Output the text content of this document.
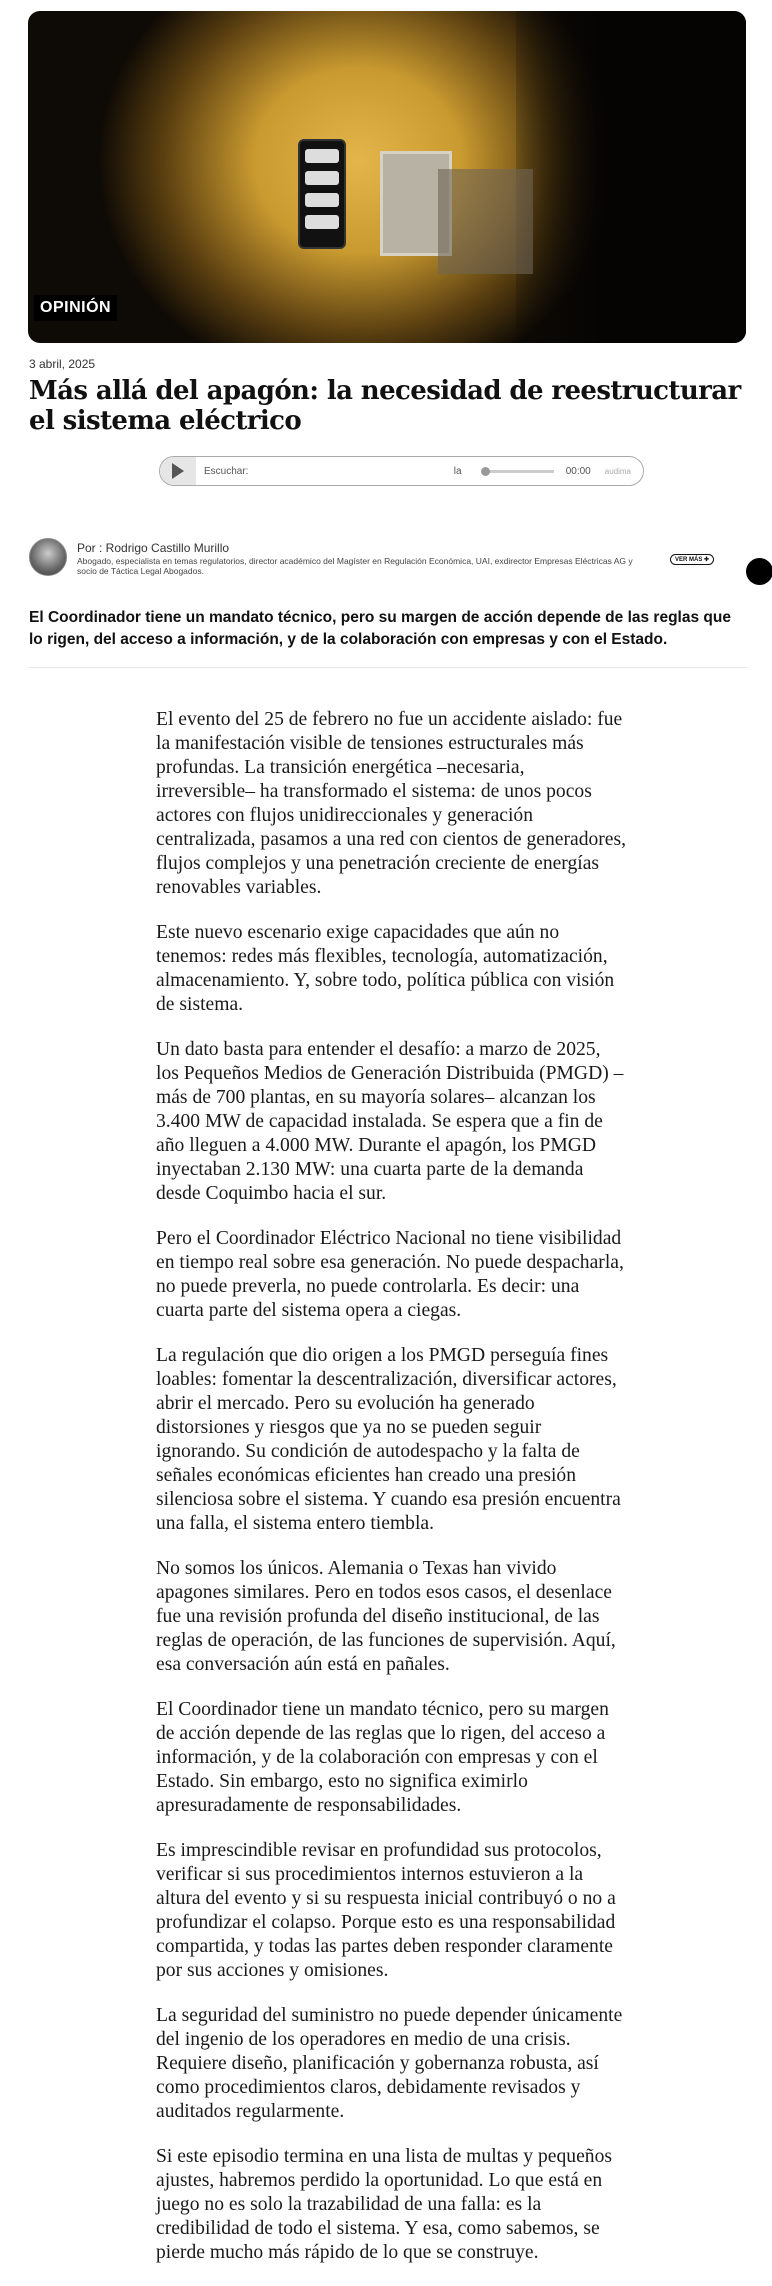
OPINIÓN
3 abril, 2025
Más allá del apagón: la necesidad de reestructurar el sistema eléctrico
Escuchar:	la	00:00 audima
Por : Rodrigo Castillo Murillo
Abogado, especialista en temas regulatorios, director académico del Magíster en Regulación Económica, UAI, exdirector Empresas Eléctricas AG y socio de Táctica Legal Abogados.
VER MÁS ✚
El Coordinador tiene un mandato técnico, pero su margen de acción depende de las reglas que lo rigen, del acceso a información, y de la colaboración con empresas y con el Estado.

El evento del 25 de febrero no fue un accidente aislado: fue la manifestación visible de tensiones estructurales más profundas. La transición energética –necesaria, irreversible– ha transformado el sistema: de unos pocos actores con flujos unidireccionales y generación centralizada, pasamos a una red con cientos de generadores, flujos complejos y una penetración creciente de energías renovables variables.

Este nuevo escenario exige capacidades que aún no tenemos: redes más flexibles, tecnología, automatización, almacenamiento. Y, sobre todo, política pública con visión de sistema.

Un dato basta para entender el desafío: a marzo de 2025, los Pequeños Medios de Generación Distribuida (PMGD) –más de 700 plantas, en su mayoría solares– alcanzan los 3.400 MW de capacidad instalada. Se espera que a fin de año lleguen a 4.000 MW. Durante el apagón, los PMGD inyectaban 2.130 MW: una cuarta parte de la demanda desde Coquimbo hacia el sur.

Pero el Coordinador Eléctrico Nacional no tiene visibilidad en tiempo real sobre esa generación. No puede despacharla, no puede preverla, no puede controlarla. Es decir: una cuarta parte del sistema opera a ciegas.

La regulación que dio origen a los PMGD perseguía fines loables: fomentar la descentralización, diversificar actores, abrir el mercado. Pero su evolución ha generado distorsiones y riesgos que ya no se pueden seguir ignorando. Su condición de autodespacho y la falta de señales económicas eficientes han creado una presión silenciosa sobre el sistema. Y cuando esa presión encuentra una falla, el sistema entero tiembla.

No somos los únicos. Alemania o Texas han vivido apagones similares. Pero en todos esos casos, el desenlace fue una revisión profunda del diseño institucional, de las reglas de operación, de las funciones de supervisión. Aquí, esa conversación aún está en pañales.

El Coordinador tiene un mandato técnico, pero su margen de acción depende de las reglas que lo rigen, del acceso a información, y de la colaboración con empresas y con el Estado. Sin embargo, esto no significa eximirlo apresuradamente de responsabilidades.

Es imprescindible revisar en profundidad sus protocolos, verificar si sus procedimientos internos estuvieron a la altura del evento y si su respuesta inicial contribuyó o no a profundizar el colapso. Porque esto es una responsabilidad compartida, y todas las partes deben responder claramente por sus acciones y omisiones.

La seguridad del suministro no puede depender únicamente del ingenio de los operadores en medio de una crisis. Requiere diseño, planificación y gobernanza robusta, así como procedimientos claros, debidamente revisados y auditados regularmente.

Si este episodio termina en una lista de multas y pequeños ajustes, habremos perdido la oportunidad. Lo que está en juego no es solo la trazabilidad de una falla: es la credibilidad de todo el sistema. Y esa, como sabemos, se pierde mucho más rápido de lo que se construye.
